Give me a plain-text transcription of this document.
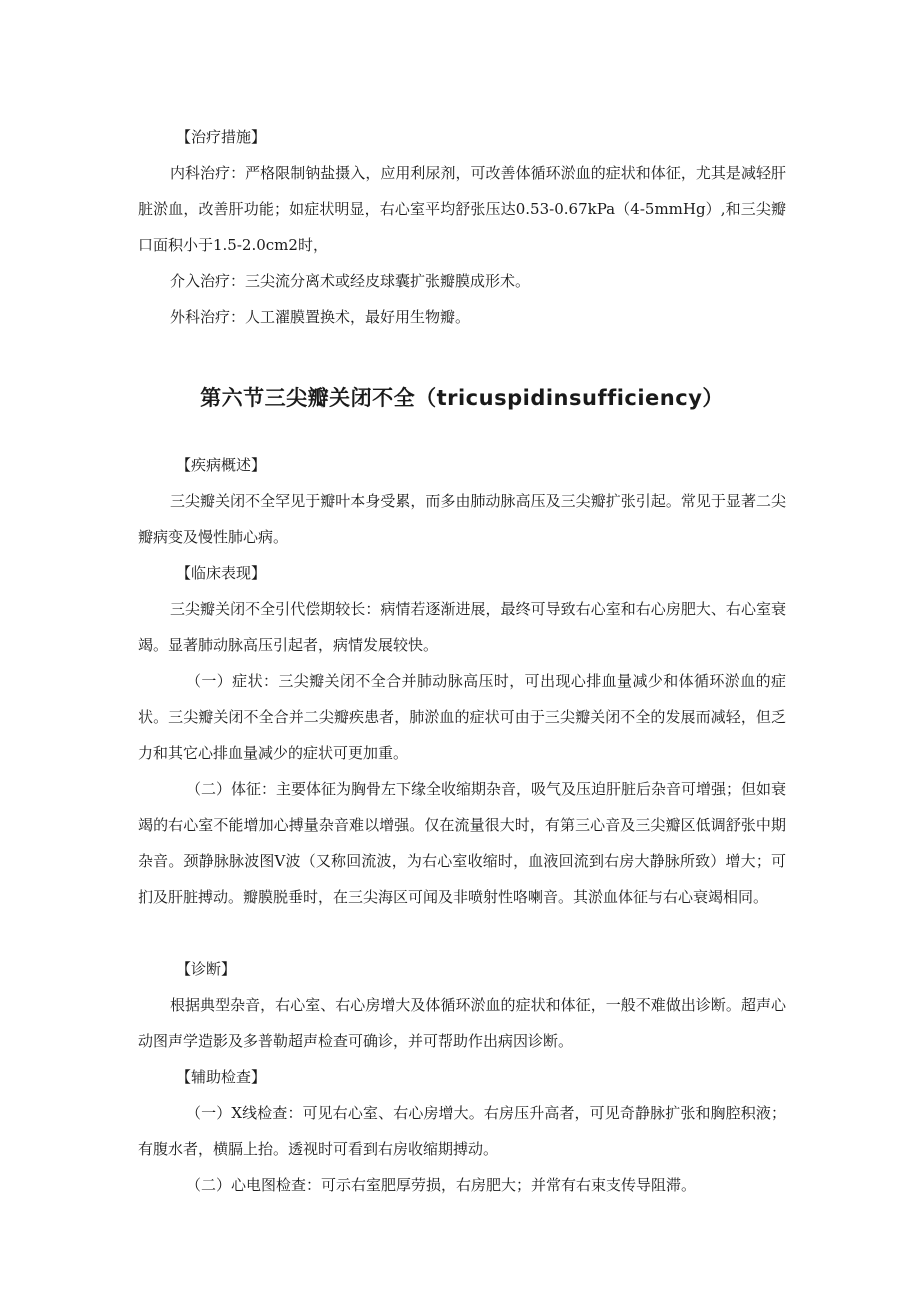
【治疗措施】

内科治疗：严格限制钠盐摄入，应用利尿剂，可改善体循环淤血的症状和体征，尤其是减轻肝脏淤血，改善肝功能；如症状明显，右心室平均舒张压达0.53-0.67kPa（4-5mmHg）,和三尖瓣口面积小于1.5-2.0cm2时，

介入治疗：三尖流分离术或经皮球囊扩张瓣膜成形术。

外科治疗：人工濯膜置换术，最好用生物瓣。

第六节三尖瓣关闭不全（tricuspidinsufficiency）

【疾病概述】

三尖瓣关闭不全罕见于瓣叶本身受累，而多由肺动脉高压及三尖瓣扩张引起。常见于显著二尖瓣病变及慢性肺心病。

【临床表现】

三尖瓣关闭不全引代偿期较长：病情若逐渐进展，最终可导致右心室和右心房肥大、右心室衰竭。显著肺动脉高压引起者，病情发展较快。

（一）症状：三尖瓣关闭不全合并肺动脉高压时，可出现心排血量减少和体循环淤血的症状。三尖瓣关闭不全合并二尖瓣疾患者，肺淤血的症状可由于三尖瓣关闭不全的发展而减轻，但乏力和其它心排血量减少的症状可更加重。

（二）体征：主要体征为胸骨左下缘全收缩期杂音，吸气及压迫肝脏后杂音可增强；但如衰竭的右心室不能增加心搏量杂音难以增强。仅在流量很大时，有第三心音及三尖瓣区低调舒张中期杂音。颈静脉脉波图Ⅴ波（又称回流波，为右心室收缩时，血液回流到右房大静脉所致）增大；可扪及肝脏搏动。瓣膜脱垂时，在三尖海区可闻及非喷射性咯喇音。其淤血体征与右心衰竭相同。

【诊断】

根据典型杂音，右心室、右心房增大及体循环淤血的症状和体征，一般不难做出诊断。超声心动图声学造影及多普勒超声检查可确诊，并可帮助作出病因诊断。

【辅助检查】

（一）X线检查：可见右心室、右心房增大。右房压升高者，可见奇静脉扩张和胸腔积液；有腹水者，横膈上抬。透视时可看到右房收缩期搏动。

（二）心电图检查：可示右室肥厚劳损，右房肥大；并常有右束支传导阻滞。
